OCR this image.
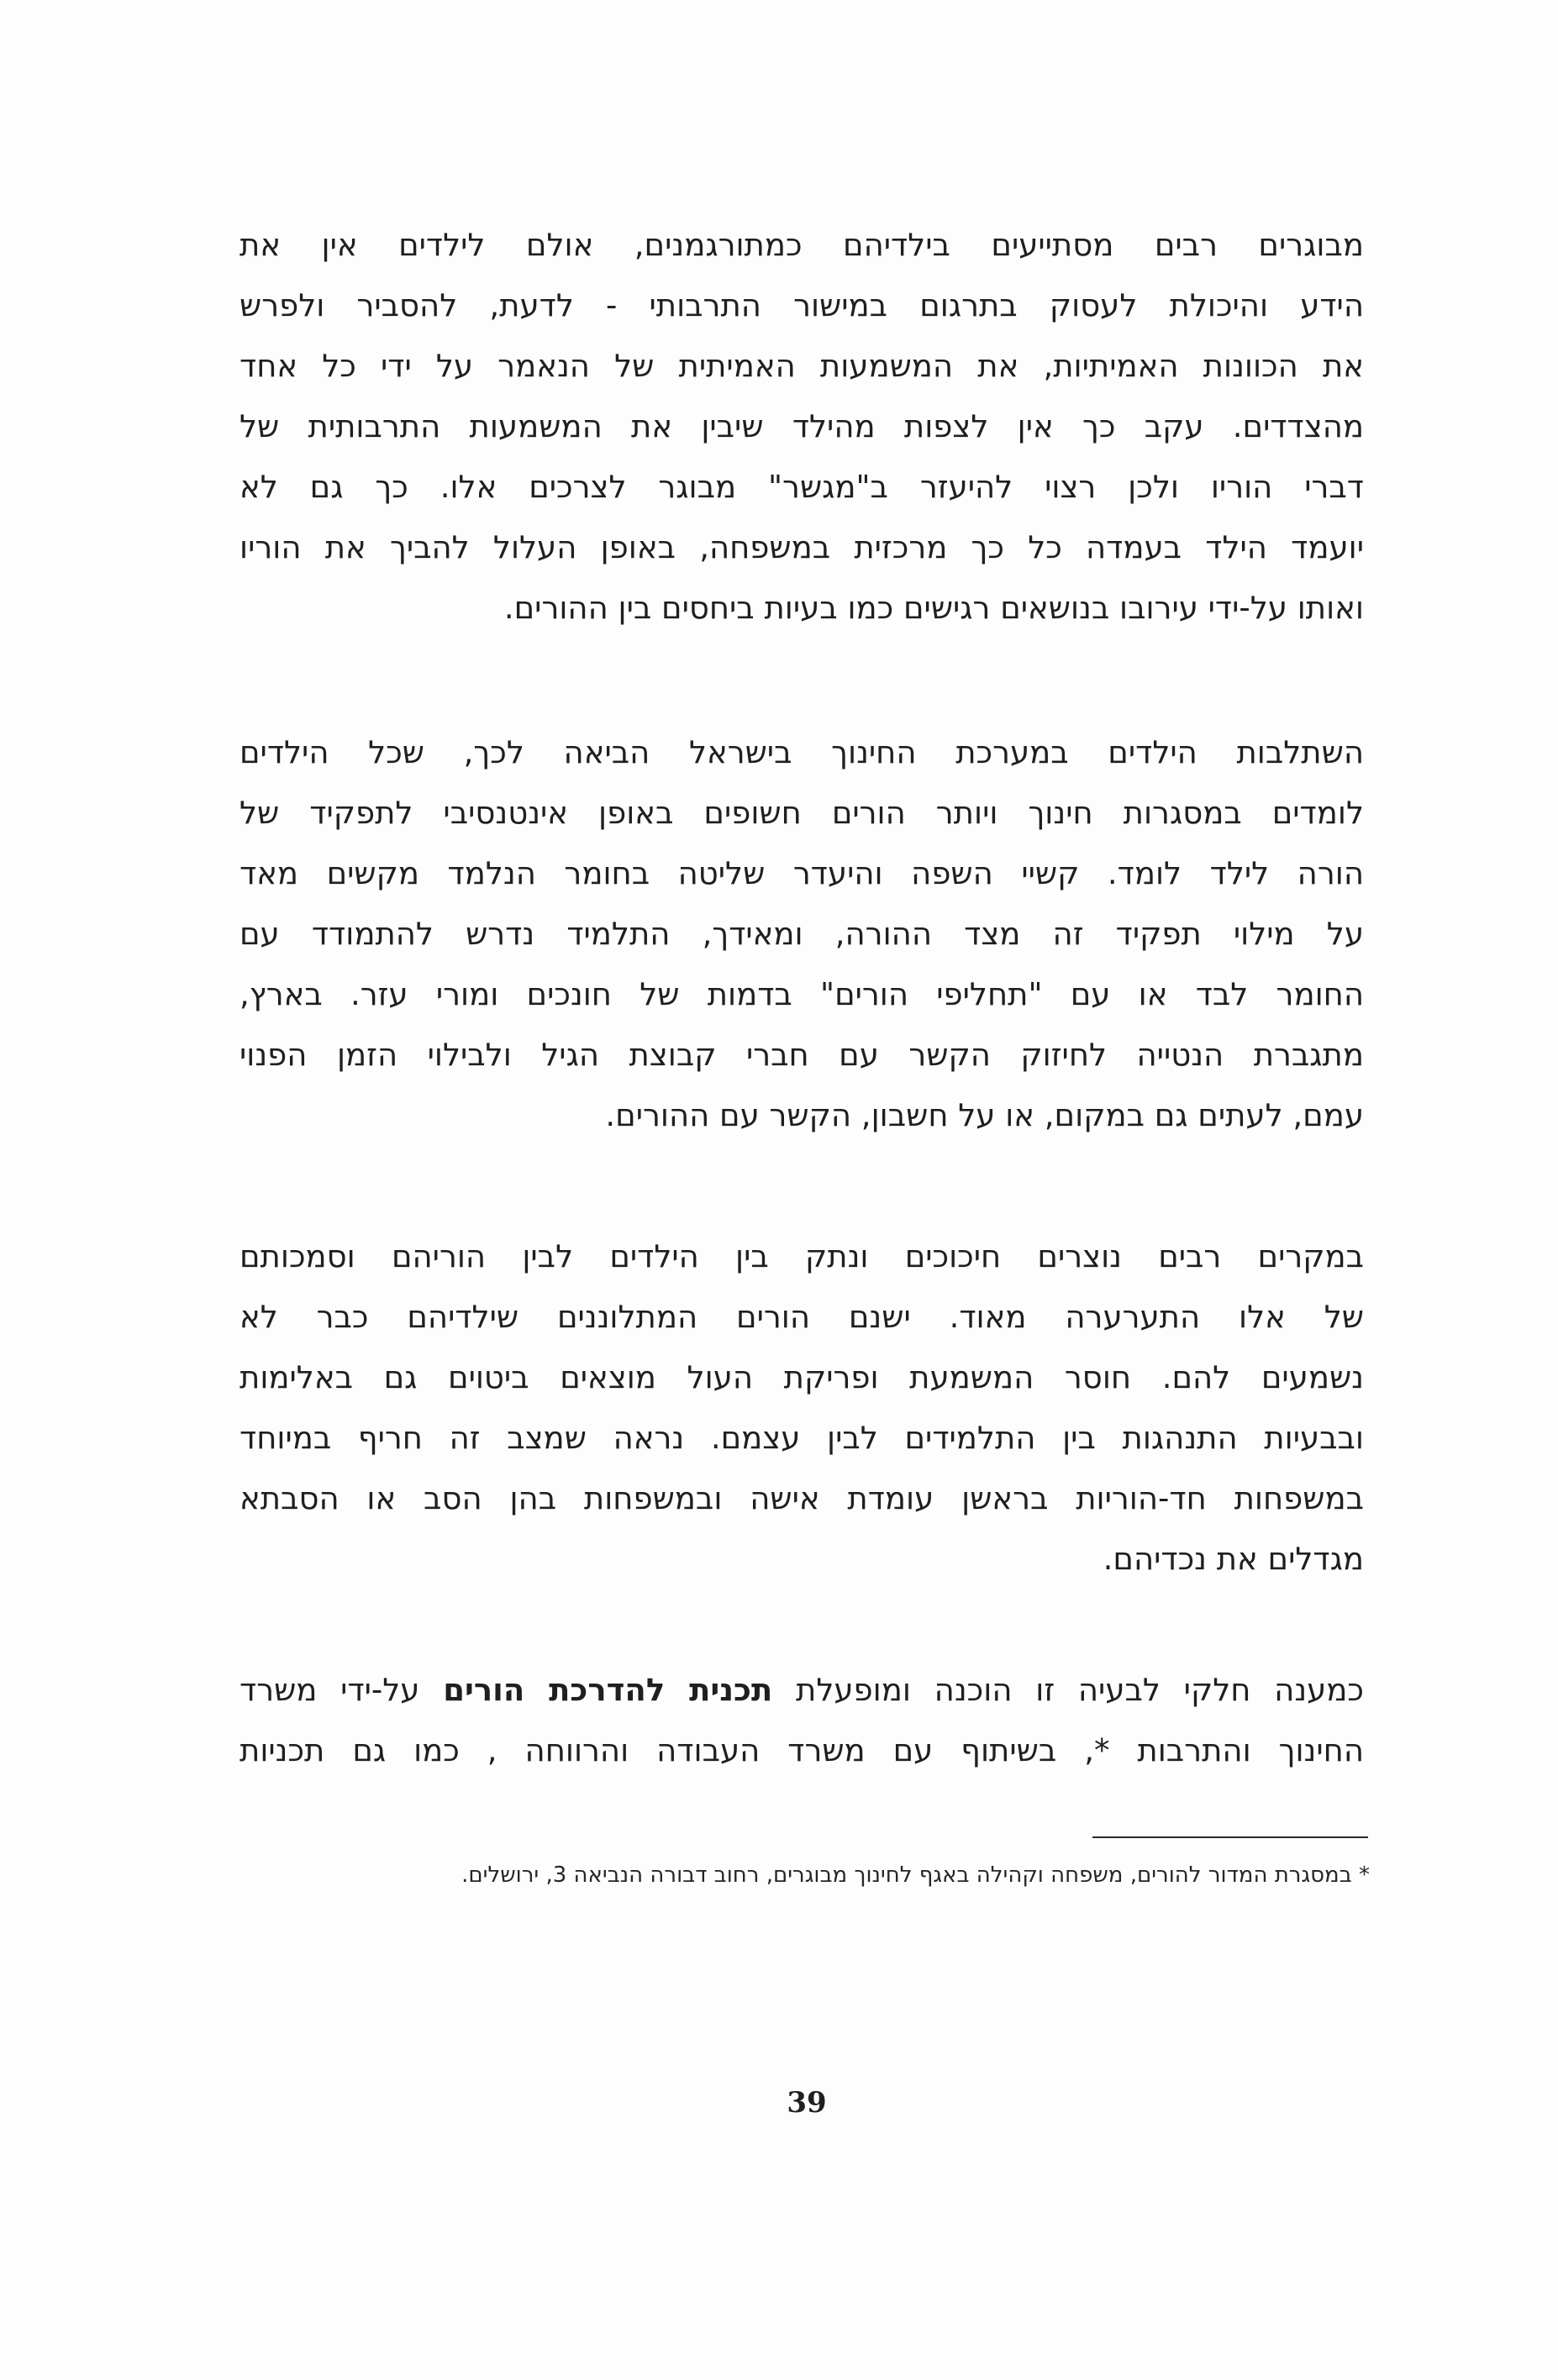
מבוגרים רבים מסתייעים בילדיהם כמתורגמנים, אולם לילדים אין את
הידע והיכולת לעסוק בתרגום במישור התרבותי - לדעת, להסביר ולפרש
את הכוונות האמיתיות, את המשמעות האמיתית של הנאמר על ידי כל אחד
מהצדדים. עקב כך אין לצפות מהילד שיבין את המשמעות התרבותית של
דברי הוריו ולכן רצוי להיעזר ב"מגשר" מבוגר לצרכים אלו. כך גם לא
יועמד הילד בעמדה כל כך מרכזית במשפחה, באופן העלול להביך את הוריו
ואותו על-ידי עירובו בנושאים רגישים כמו בעיות ביחסים בין ההורים.
השתלבות הילדים במערכת החינוך בישראל הביאה לכך, שכל הילדים
לומדים במסגרות חינוך ויותר הורים חשופים באופן אינטנסיבי לתפקיד של
הורה לילד לומד. קשיי השפה והיעדר שליטה בחומר הנלמד מקשים מאד
על מילוי תפקיד זה מצד ההורה, ומאידך, התלמיד נדרש להתמודד עם
החומר לבד או עם "תחליפי הורים" בדמות של חונכים ומורי עזר. בארץ,
מתגברת הנטייה לחיזוק הקשר עם חברי קבוצת הגיל ולבילוי הזמן הפנוי
עמם, לעתים גם במקום, או על חשבון, הקשר עם ההורים.
במקרים רבים נוצרים חיכוכים ונתק בין הילדים לבין הוריהם וסמכותם
של אלו התערערה מאוד. ישנם הורים המתלוננים שילדיהם כבר לא
נשמעים להם. חוסר המשמעת ופריקת העול מוצאים ביטוים גם באלימות
ובבעיות התנהגות בין התלמידים לבין עצמם. נראה שמצב זה חריף במיוחד
במשפחות חד-הוריות בראשן עומדת אישה ובמשפחות בהן הסב או הסבתא
מגדלים את נכדיהם.
כמענה חלקי לבעיה זו הוכנה ומופעלת תכנית להדרכת הורים על-ידי משרד
החינוך והתרבות *, בשיתוף עם משרד העבודה והרווחה , כמו גם תכניות
* במסגרת המדור להורים, משפחה וקהילה באגף לחינוך מבוגרים, רחוב דבורה הנביאה 3, ירושלים.
39
